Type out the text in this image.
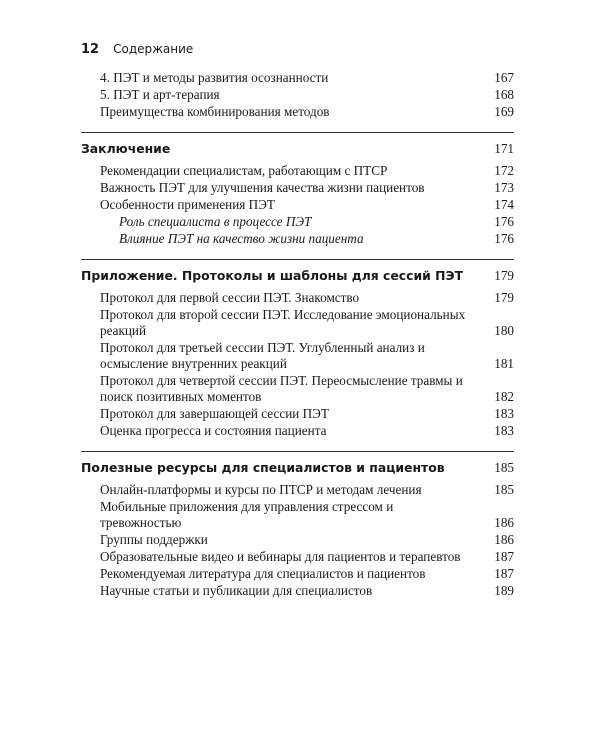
12 Содержание
4. ПЭТ и методы развития осознанности	167
5. ПЭТ и арт-терапия	168
Преимущества комбинирования методов	169
Заключение	171
Рекомендации специалистам, работающим с ПТСР	172
Важность ПЭТ для улучшения качества жизни пациентов	173
Особенности применения ПЭТ	174
Роль специалиста в процессе ПЭТ	176
Влияние ПЭТ на качество жизни пациента	176
Приложение. Протоколы и шаблоны для сессий ПЭТ	179
Протокол для первой сессии ПЭТ. Знакомство	179
Протокол для второй сессии ПЭТ. Исследование эмоциональных реакций	180
Протокол для третьей сессии ПЭТ. Углубленный анализ и осмысление внутренних реакций	181
Протокол для четвертой сессии ПЭТ. Переосмысление травмы и поиск позитивных моментов	182
Протокол для завершающей сессии ПЭТ	183
Оценка прогресса и состояния пациента	183
Полезные ресурсы для специалистов и пациентов	185
Онлайн-платформы и курсы по ПТСР и методам лечения	185
Мобильные приложения для управления стрессом и тревожностью	186
Группы поддержки	186
Образовательные видео и вебинары для пациентов и терапевтов	187
Рекомендуемая литература для специалистов и пациентов	187
Научные статьи и публикации для специалистов	189
